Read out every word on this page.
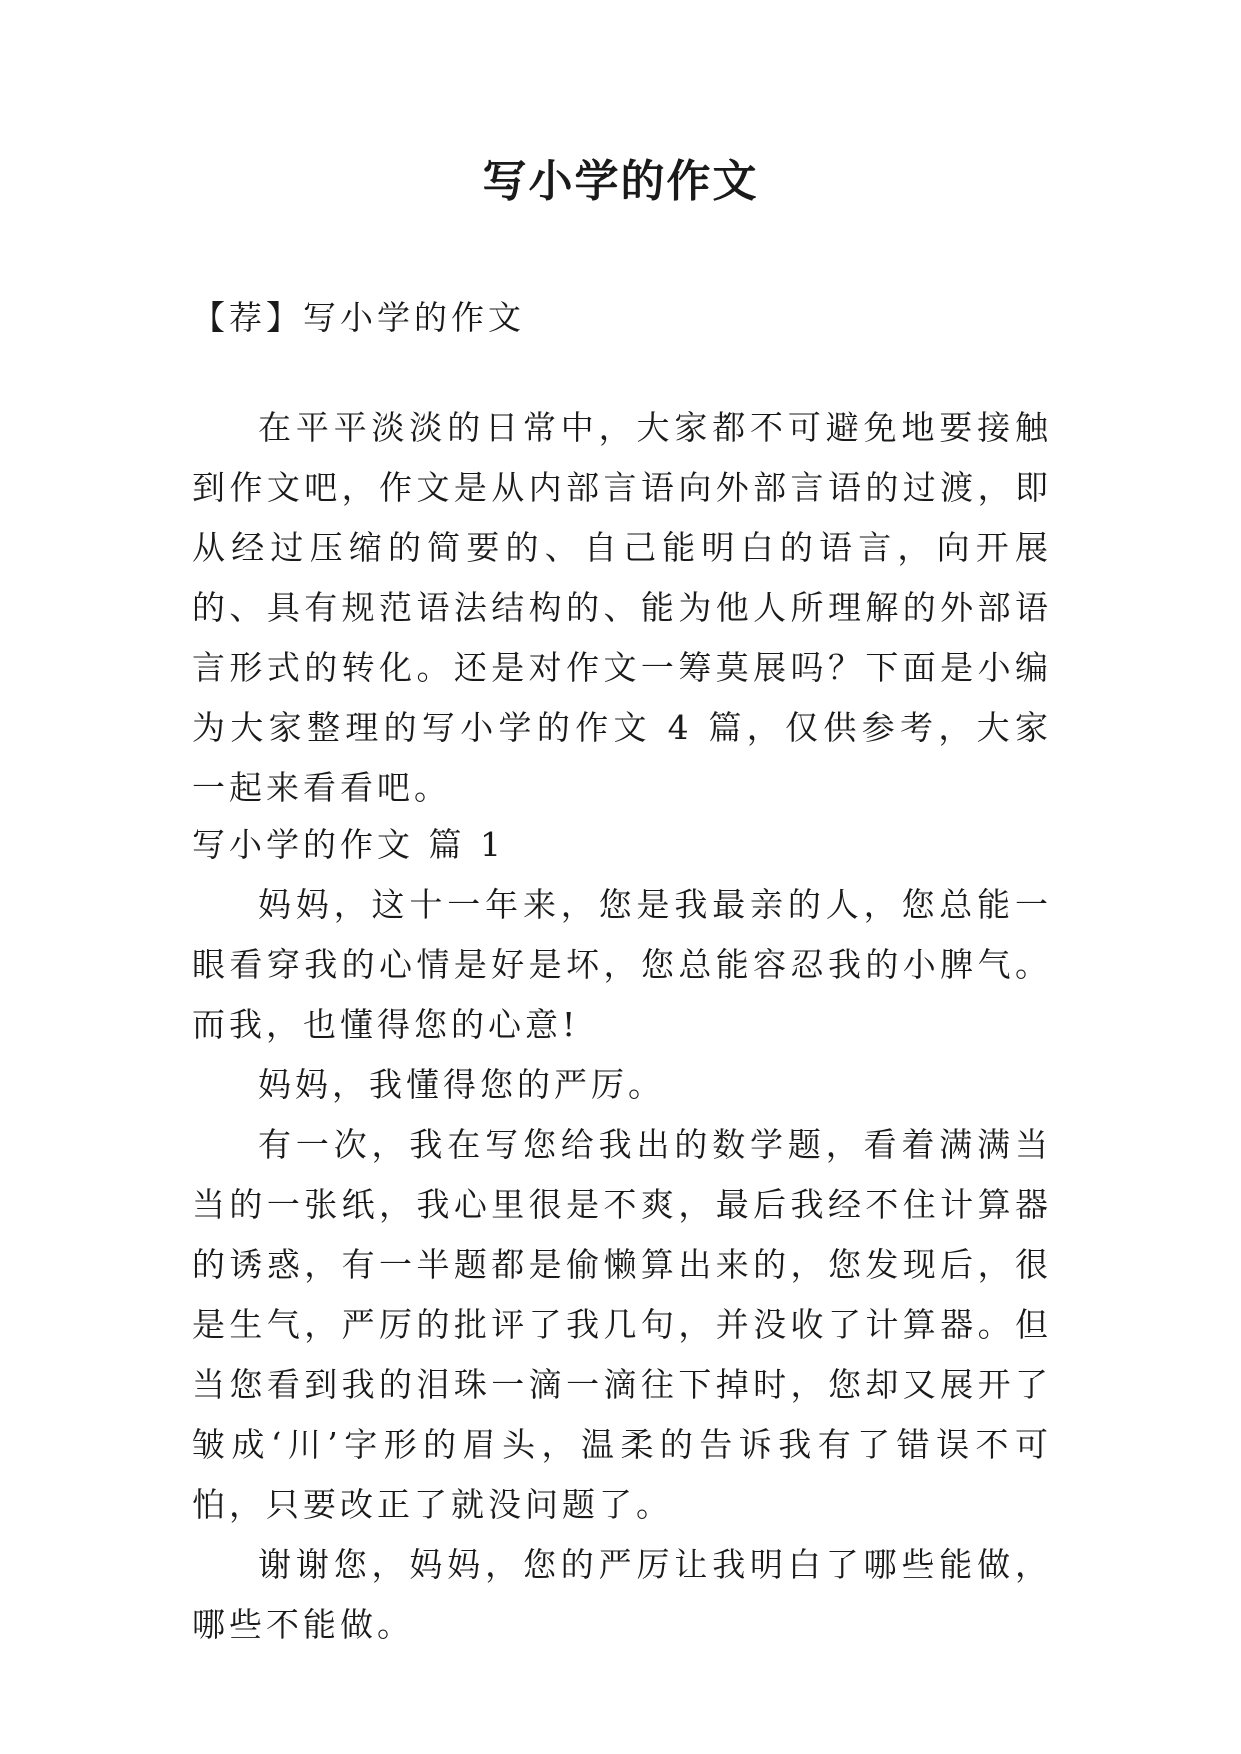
写小学的作文

【荐】写小学的作文

在平平淡淡的日常中，大家都不可避免地要接触到作文吧，作文是从内部言语向外部言语的过渡，即从经过压缩的简要的、自己能明白的语言，向开展的、具有规范语法结构的、能为他人所理解的外部语言形式的转化。还是对作文一筹莫展吗？下面是小编为大家整理的写小学的作文 4 篇，仅供参考，大家一起来看看吧。

写小学的作文 篇 1

妈妈，这十一年来，您是我最亲的人，您总能一眼看穿我的心情是好是坏，您总能容忍我的小脾气。而我，也懂得您的心意!

妈妈，我懂得您的严厉。

有一次，我在写您给我出的数学题，看着满满当当的一张纸，我心里很是不爽，最后我经不住计算器的诱惑，有一半题都是偷懒算出来的，您发现后，很是生气，严厉的批评了我几句，并没收了计算器。但当您看到我的泪珠一滴一滴往下掉时，您却又展开了皱成‘川’字形的眉头，温柔的告诉我有了错误不可怕，只要改正了就没问题了。

谢谢您，妈妈，您的严厉让我明白了哪些能做，哪些不能做。
